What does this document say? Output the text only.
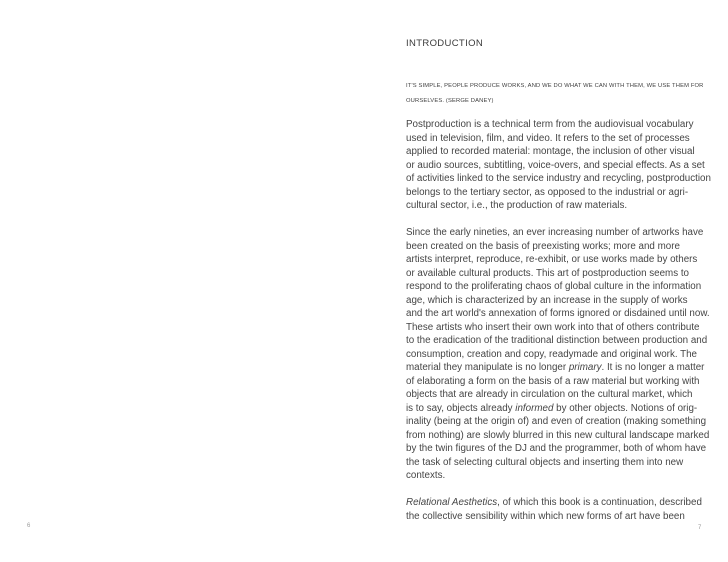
6
INTRODUCTION
IT'S SIMPLE, PEOPLE PRODUCE WORKS, AND WE DO WHAT WE CAN WITH THEM, WE USE THEM FOR
OURSELVES. (SERGE DANEY)
Postproduction is a technical term from the audiovisual vocabulary
used in television, film, and video. It refers to the set of processes
applied to recorded material: montage, the inclusion of other visual
or audio sources, subtitling, voice-overs, and special effects. As a set
of activities linked to the service industry and recycling, postproduction
belongs to the tertiary sector, as opposed to the industrial or agri-
cultural sector, i.e., the production of raw materials.
Since the early nineties, an ever increasing number of artworks have
been created on the basis of preexisting works; more and more
artists interpret, reproduce, re-exhibit, or use works made by others
or available cultural products. This art of postproduction seems to
respond to the proliferating chaos of global culture in the information
age, which is characterized by an increase in the supply of works
and the art world's annexation of forms ignored or disdained until now.
These artists who insert their own work into that of others contribute
to the eradication of the traditional distinction between production and
consumption, creation and copy, readymade and original work. The
material they manipulate is no longer primary. It is no longer a matter
of elaborating a form on the basis of a raw material but working with
objects that are already in circulation on the cultural market, which
is to say, objects already informed by other objects. Notions of orig-
inality (being at the origin of) and even of creation (making something
from nothing) are slowly blurred in this new cultural landscape marked
by the twin figures of the DJ and the programmer, both of whom have
the task of selecting cultural objects and inserting them into new
contexts.
Relational Aesthetics, of which this book is a continuation, described
the collective sensibility within which new forms of art have been
7
